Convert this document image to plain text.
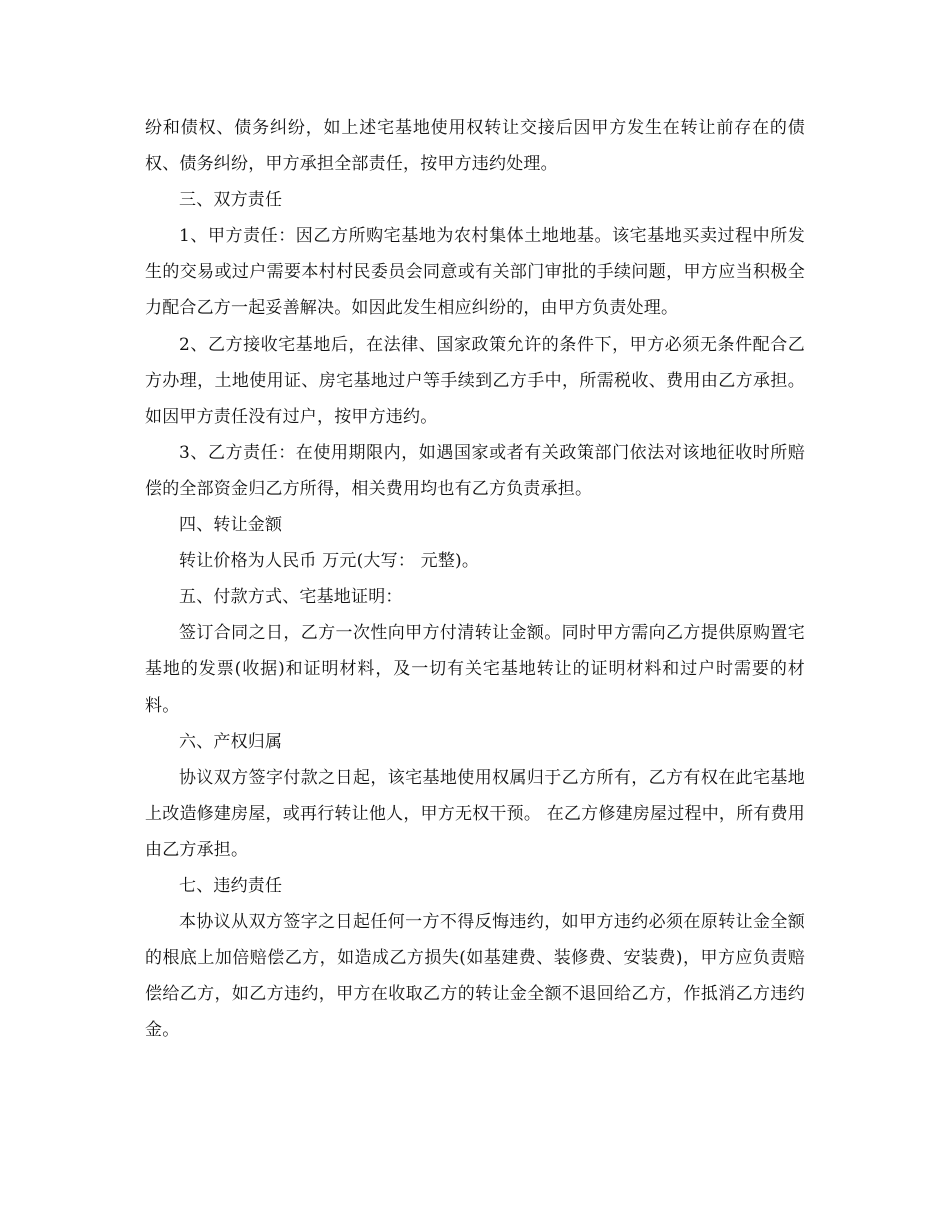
纷和债权、债务纠纷，如上述宅基地使用权转让交接后因甲方发生在转让前存在的债权、债务纠纷，甲方承担全部责任，按甲方违约处理。

三、双方责任

1、甲方责任：因乙方所购宅基地为农村集体土地地基。该宅基地买卖过程中所发生的交易或过户需要本村村民委员会同意或有关部门审批的手续问题，甲方应当积极全力配合乙方一起妥善解决。如因此发生相应纠纷的，由甲方负责处理。

2、乙方接收宅基地后，在法律、国家政策允许的条件下，甲方必须无条件配合乙方办理，土地使用证、房宅基地过户等手续到乙方手中，所需税收、费用由乙方承担。 如因甲方责任没有过户，按甲方违约。

3、乙方责任：在使用期限内，如遇国家或者有关政策部门依法对该地征收时所赔偿的全部资金归乙方所得，相关费用均也有乙方负责承担。

四、转让金额

转让价格为人民币 万元(大写： 元整)。

五、付款方式、宅基地证明：

签订合同之日，乙方一次性向甲方付清转让金额。同时甲方需向乙方提供原购置宅基地的发票(收据)和证明材料，及一切有关宅基地转让的证明材料和过户时需要的材料。

六、产权归属

协议双方签字付款之日起，该宅基地使用权属归于乙方所有，乙方有权在此宅基地上改造修建房屋，或再行转让他人，甲方无权干预。 在乙方修建房屋过程中，所有费用由乙方承担。

七、违约责任

本协议从双方签字之日起任何一方不得反悔违约，如甲方违约必须在原转让金全额的根底上加倍赔偿乙方，如造成乙方损失(如基建费、装修费、安装费)，甲方应负责赔偿给乙方，如乙方违约，甲方在收取乙方的转让金全额不退回给乙方，作抵消乙方违约金。
